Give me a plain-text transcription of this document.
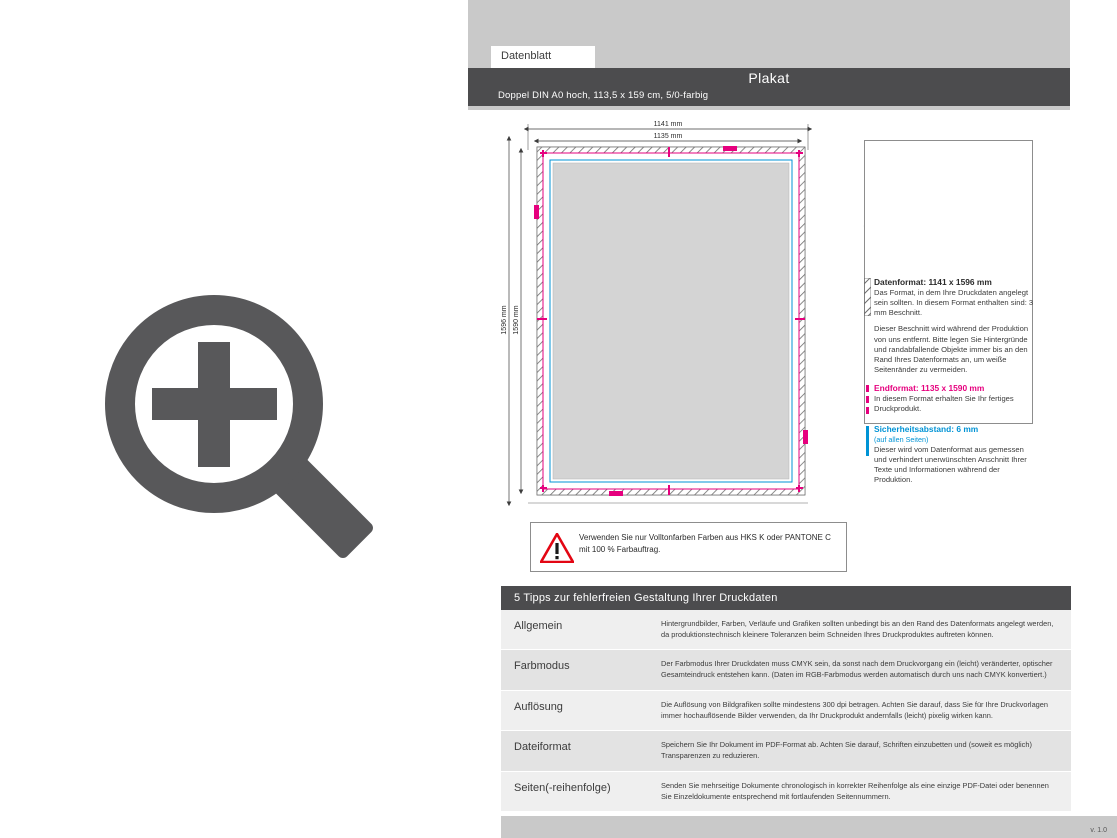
Datenblatt
Plakat
Doppel DIN A0 hoch, 113,5 x 159 cm, 5/0-farbig
1141 mm
1135 mm
1596 mm 1590 mm
Datenformat: 1141 x 1596 mm
Das Format, in dem Ihre Druckdaten angelegt sein sollten. In diesem Format enthalten sind: 3 mm Beschnitt.
Dieser Beschnitt wird während der Produktion von uns entfernt. Bitte legen Sie Hintergründe und randabfallende Objekte immer bis an den Rand Ihres Datenformats an, um weiße Seitenränder zu vermeiden.
Endformat: 1135 x 1590 mm
In diesem Format erhalten Sie Ihr fertiges Druckprodukt.
Sicherheitsabstand: 6 mm
(auf allen Seiten)
Dieser wird vom Datenformat aus gemessen und verhindert unerwünschten Anschnitt Ihrer Texte und Informationen während der Produktion.
Verwenden Sie nur Volltonfarben Farben aus HKS K oder PANTONE C mit 100 % Farbauftrag.
5 Tipps zur fehlerfreien Gestaltung Ihrer Druckdaten
Allgemein	Hintergrundbilder, Farben, Verläufe und Grafiken sollten unbedingt bis an den Rand des Datenformats angelegt werden, da produktionstechnisch kleinere Toleranzen beim Schneiden Ihres Druckproduktes auftreten können.
Farbmodus	Der Farbmodus Ihrer Druckdaten muss CMYK sein, da sonst nach dem Druckvorgang ein (leicht) veränderter, optischer Gesamteindruck entstehen kann. (Daten im RGB-Farbmodus werden automatisch durch uns nach CMYK konvertiert.)
Auflösung	Die Auflösung von Bildgrafiken sollte mindestens 300 dpi betragen. Achten Sie darauf, dass Sie für Ihre Druckvorlagen immer hochauflösende Bilder verwenden, da Ihr Druckprodukt andernfalls (leicht) pixelig wirken kann.
Dateiformat	Speichern Sie Ihr Dokument im PDF-Format ab. Achten Sie darauf, Schriften einzubetten und (soweit es möglich) Transparenzen zu reduzieren.
Seiten(-reihenfolge)	Senden Sie mehrseitige Dokumente chronologisch in korrekter Reihenfolge als eine einzige PDF-Datei oder benennen Sie Einzeldokumente entsprechend mit fortlaufenden Seitennummern.
v. 1.0
